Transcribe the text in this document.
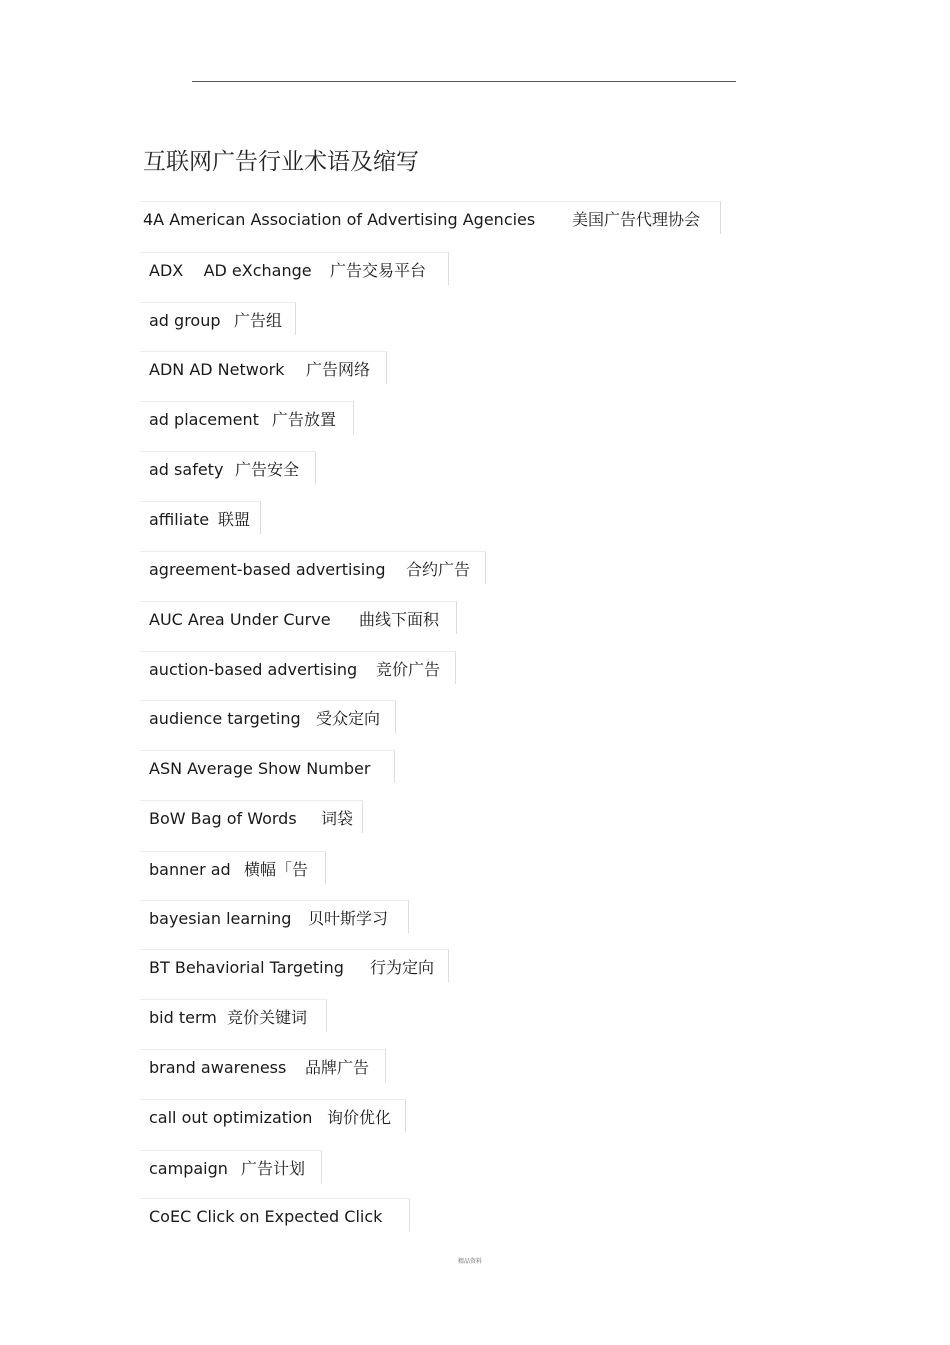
互联网广告行业术语及缩写
4A American Association of Advertising Agencies 美国广告代理协会
ADX    AD eXchange 广告交易平台
ad group 广告组
ADN AD Network 广告网络
ad placement 广告放置
ad safety 广告安全
affiliate 联盟
agreement-based advertising 合约广告
AUC Area Under Curve 曲线下面积
auction-based advertising 竞价广告
audience targeting 受众定向
ASN Average Show Number
BoW Bag of Words 词袋
banner ad 横幅「告
bayesian learning 贝叶斯学习
BT Behaviorial Targeting 行为定向
bid term 竞价关键词
brand awareness 品牌广告
call out optimization 询价优化
campaign 广告计划
CoEC Click on Expected Click
精品资料
